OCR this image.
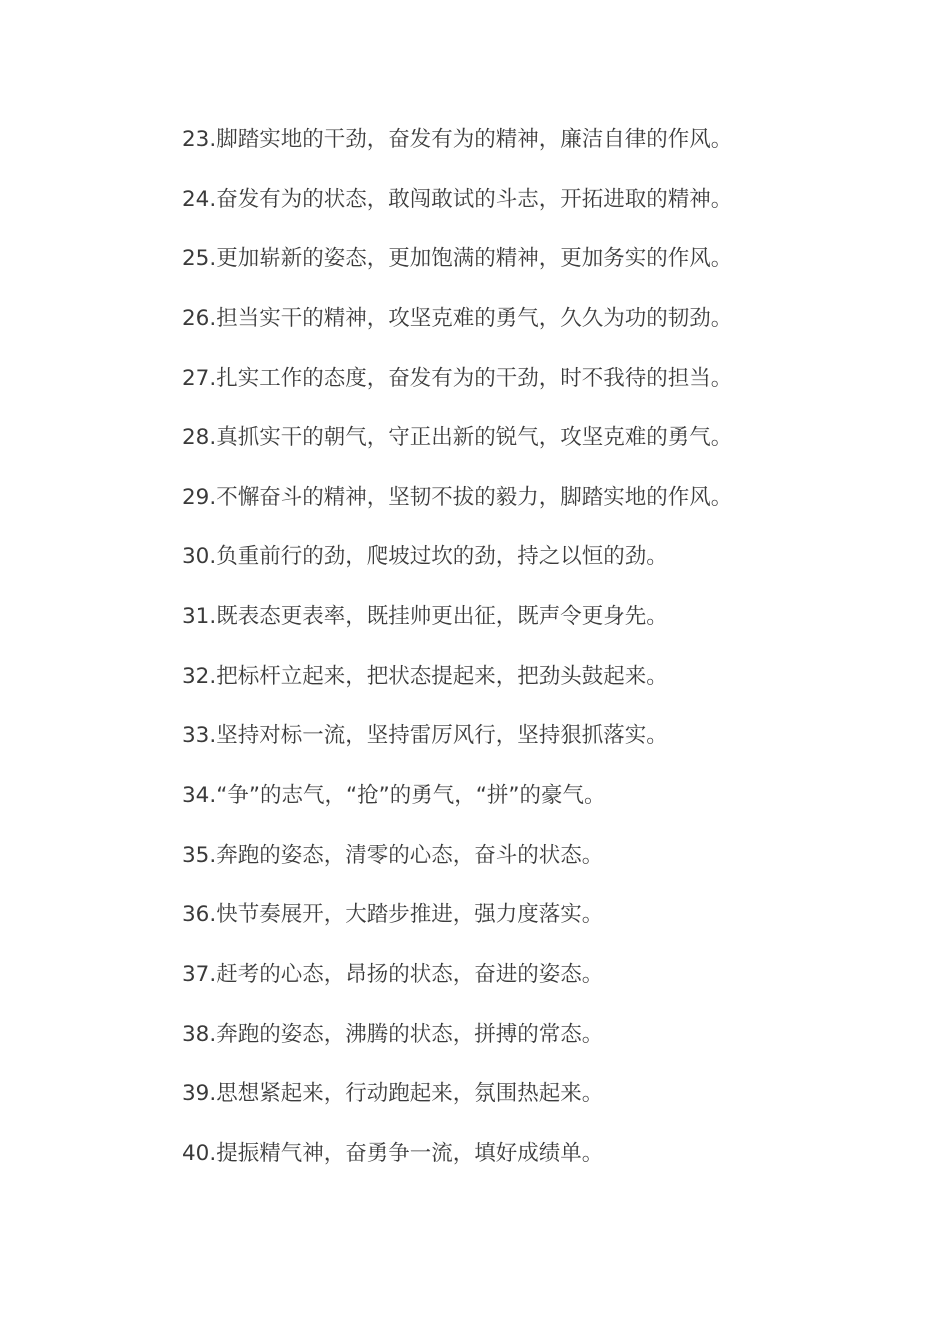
23.脚踏实地的干劲，奋发有为的精神，廉洁自律的作风。
24.奋发有为的状态，敢闯敢试的斗志，开拓进取的精神。
25.更加崭新的姿态，更加饱满的精神，更加务实的作风。
26.担当实干的精神，攻坚克难的勇气，久久为功的韧劲。
27.扎实工作的态度，奋发有为的干劲，时不我待的担当。
28.真抓实干的朝气，守正出新的锐气，攻坚克难的勇气。
29.不懈奋斗的精神，坚韧不拔的毅力，脚踏实地的作风。
30.负重前行的劲，爬坡过坎的劲，持之以恒的劲。
31.既表态更表率，既挂帅更出征，既声令更身先。
32.把标杆立起来，把状态提起来，把劲头鼓起来。
33.坚持对标一流，坚持雷厉风行，坚持狠抓落实。
34.“争”的志气，“抢”的勇气，“拼”的豪气。
35.奔跑的姿态，清零的心态，奋斗的状态。
36.快节奏展开，大踏步推进，强力度落实。
37.赶考的心态，昂扬的状态，奋进的姿态。
38.奔跑的姿态，沸腾的状态，拼搏的常态。
39.思想紧起来，行动跑起来，氛围热起来。
40.提振精气神，奋勇争一流，填好成绩单。
